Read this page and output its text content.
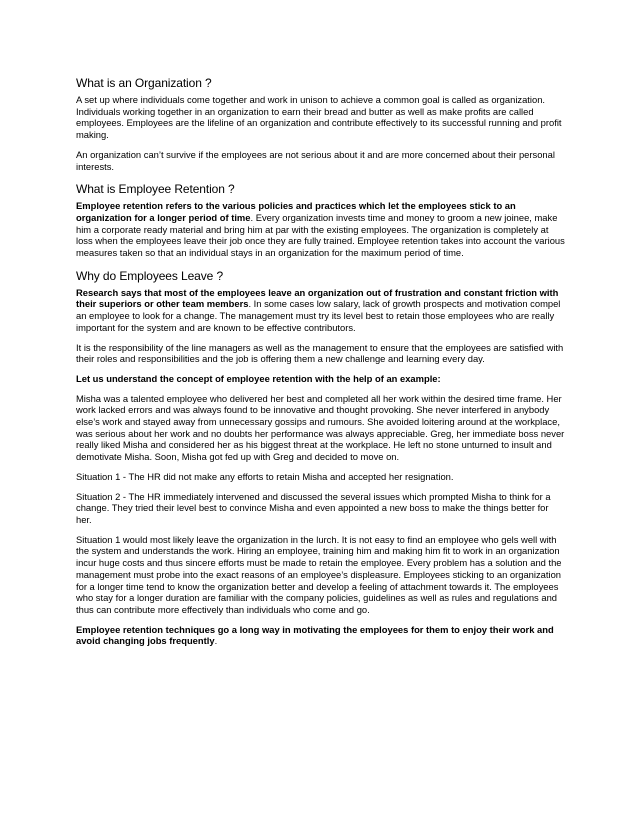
What is an Organization ?

A set up where individuals come together and work in unison to achieve a common goal is called as organization. Individuals working together in an organization to earn their bread and butter as well as make profits are called employees. Employees are the lifeline of an organization and contribute effectively to its successful running and profit making.

An organization can’t survive if the employees are not serious about it and are more concerned about their personal interests.

What is Employee Retention ?

Employee retention refers to the various policies and practices which let the employees stick to an organization for a longer period of time. Every organization invests time and money to groom a new joinee, make him a corporate ready material and bring him at par with the existing employees. The organization is completely at loss when the employees leave their job once they are fully trained. Employee retention takes into account the various measures taken so that an individual stays in an organization for the maximum period of time.

Why do Employees Leave ?

Research says that most of the employees leave an organization out of frustration and constant friction with their superiors or other team members. In some cases low salary, lack of growth prospects and motivation compel an employee to look for a change. The management must try its level best to retain those employees who are really important for the system and are known to be effective contributors.

It is the responsibility of the line managers as well as the management to ensure that the employees are satisfied with their roles and responsibilities and the job is offering them a new challenge and learning every day.

Let us understand the concept of employee retention with the help of an example:

Misha was a talented employee who delivered her best and completed all her work within the desired time frame. Her work lacked errors and was always found to be innovative and thought provoking. She never interfered in anybody else’s work and stayed away from unnecessary gossips and rumours. She avoided loitering around at the workplace, was serious about her work and no doubts her performance was always appreciable. Greg, her immediate boss never really liked Misha and considered her as his biggest threat at the workplace. He left no stone unturned to insult and demotivate Misha. Soon, Misha got fed up with Greg and decided to move on.

Situation 1 - The HR did not make any efforts to retain Misha and accepted her resignation.

Situation 2 - The HR immediately intervened and discussed the several issues which prompted Misha to think for a change. They tried their level best to convince Misha and even appointed a new boss to make the things better for her.

Situation 1 would most likely leave the organization in the lurch. It is not easy to find an employee who gels well with the system and understands the work. Hiring an employee, training him and making him fit to work in an organization incur huge costs and thus sincere efforts must be made to retain the employee. Every problem has a solution and the management must probe into the exact reasons of an employee’s displeasure. Employees sticking to an organization for a longer time tend to know the organization better and develop a feeling of attachment towards it. The employees who stay for a longer duration are familiar with the company policies, guidelines as well as rules and regulations and thus can contribute more effectively than individuals who come and go.

Employee retention techniques go a long way in motivating the employees for them to enjoy their work and avoid changing jobs frequently.
